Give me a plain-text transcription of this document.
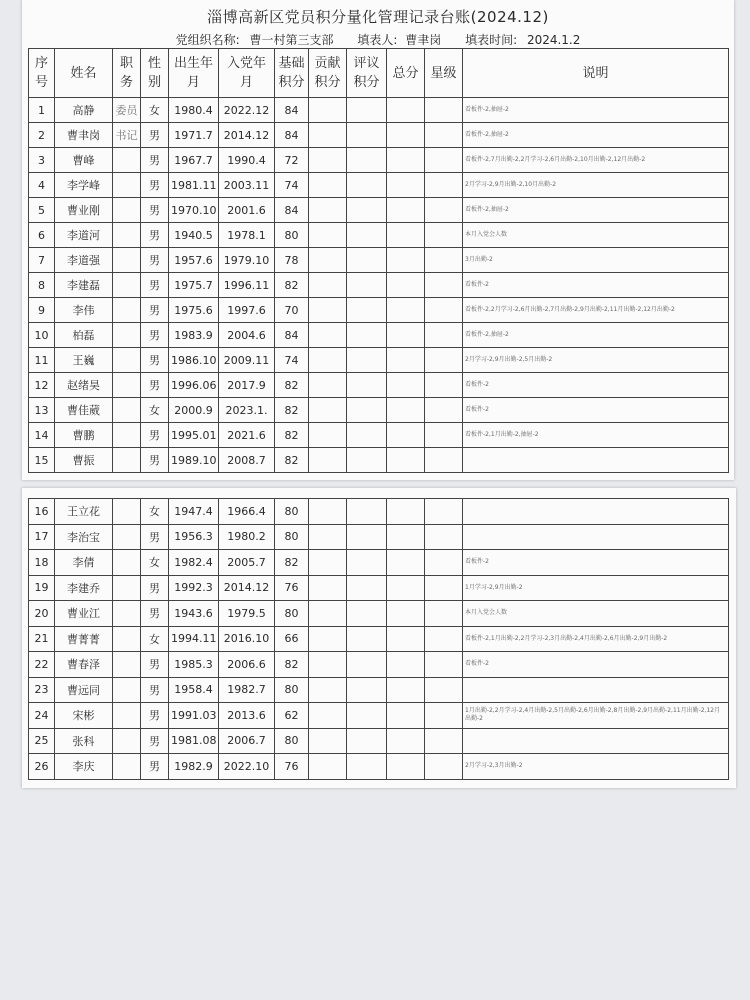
淄博高新区党员积分量化管理记录台账(2024.12)
党组织名称: 曹一村第三支部 填表人: 曹聿岗 填表时间: 2024.1.2
序号	姓名	职务	性别	出生年月	入党年月	基础积分	贡献积分	评议积分	总分	星级	说明
1	高静	委员	女	1980.4	2022.12	84					看板件-2,抽屉-2
2	曹聿岗	书记	男	1971.7	2014.12	84					看板件-2,抽屉-2
3	曹峰		男	1967.7	1990.4	72					看板件-2,7月出勤-2,2月学习-2,6月出勤-2,10月出勤-2,12月出勤-2
4	李学峰		男	1981.11	2003.11	74					2月学习-2,9月出勤-2,10月出勤-2
5	曹业刚		男	1970.10	2001.6	84					看板件-2,抽屉-2
6	李道河		男	1940.5	1978.1	80					本月入党会人数
7	李道强		男	1957.6	1979.10	78					3月出勤-2
8	李建磊		男	1975.7	1996.11	82					看板件-2
9	李伟		男	1975.6	1997.6	70					看板件-2,2月学习-2,6月出勤-2,7月出勤-2,9月出勤-2,11月出勤-2,12月出勤-2
10	柏磊		男	1983.9	2004.6	84					看板件-2,抽屉-2
11	王巍		男	1986.10	2009.11	74					2月学习-2,9月出勤-2,5月出勤-2
12	赵绪昊		男	1996.06	2017.9	82					看板件-2
13	曹佳葳		女	2000.9	2023.1.	82					看板件-2
14	曹鹏		男	1995.01	2021.6	82					看板件-2,1月出勤-2,抽屉-2
15	曹振		男	1989.10	2008.7	82					
16	王立花		女	1947.4	1966.4	80					
17	李治宝		男	1956.3	1980.2	80					
18	李倩		女	1982.4	2005.7	82					看板件-2
19	李建乔		男	1992.3	2014.12	76					1月学习-2,9月出勤-2
20	曹业江		男	1943.6	1979.5	80					本月入党会人数
21	曹菁菁		女	1994.11	2016.10	66					看板件-2,1月出勤-2,2月学习-2,3月出勤-2,4月出勤-2,6月出勤-2,9月出勤-2
22	曹春泽		男	1985.3	2006.6	82					看板件-2
23	曹远同		男	1958.4	1982.7	80					
24	宋彬		男	1991.03	2013.6	62					1月出勤-2,2月学习-2,4月出勤-2,5月出勤-2,6月出勤-2,8月出勤-2,9月出勤-2,11月出勤-2,12月出勤-2
25	张科		男	1981.08	2006.7	80					
26	李庆		男	1982.9	2022.10	76					2月学习-2,3月出勤-2
